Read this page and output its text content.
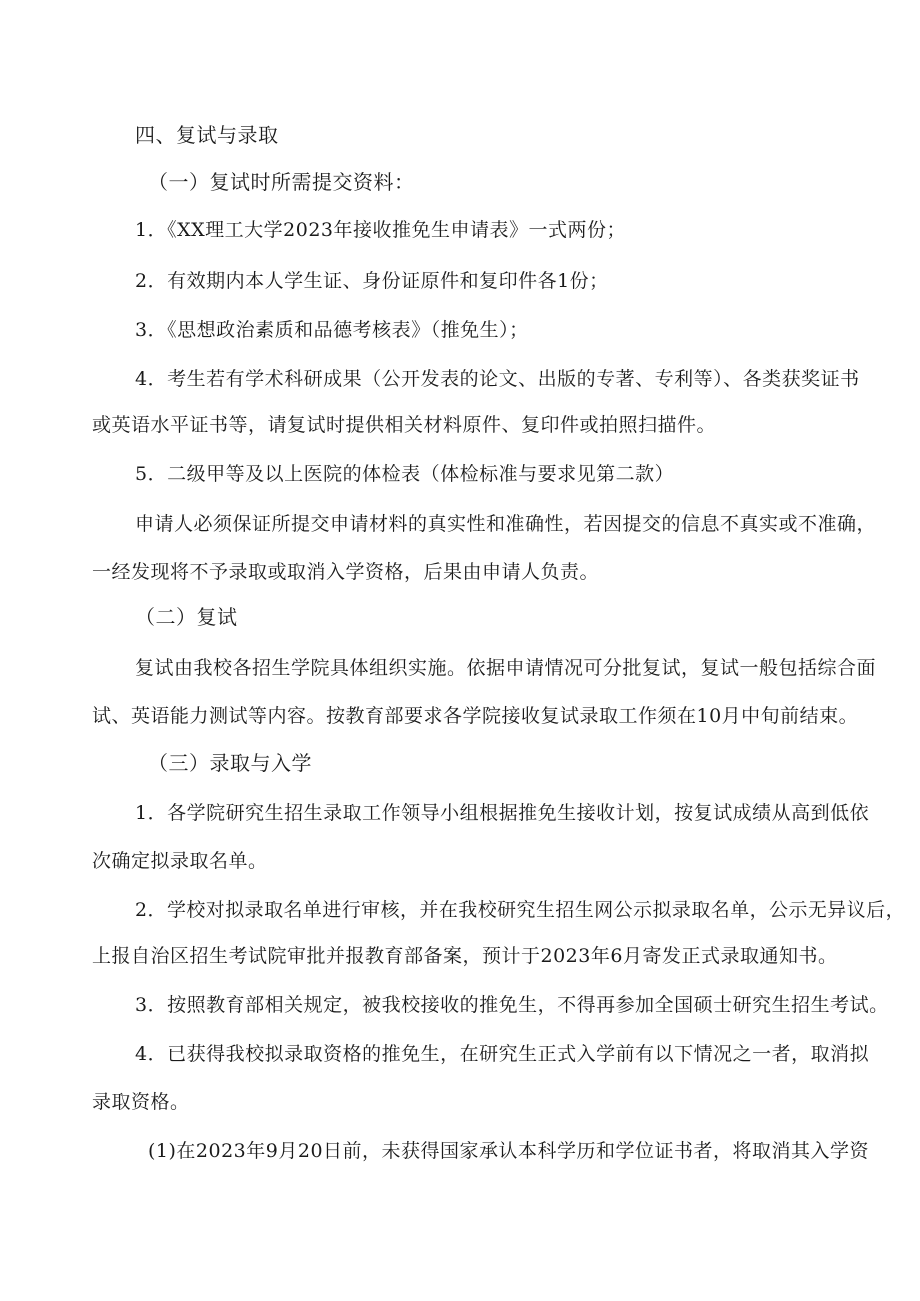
四、复试与录取
（一）复试时所需提交资料：
1．《XX理工大学2023年接收推免生申请表》一式两份；
2．有效期内本人学生证、身份证原件和复印件各1份；
3．《思想政治素质和品德考核表》（推免生）；
4．考生若有学术科研成果（公开发表的论文、出版的专著、专利等）、各类获奖证书
或英语水平证书等，请复试时提供相关材料原件、复印件或拍照扫描件。
5．二级甲等及以上医院的体检表（体检标准与要求见第二款）
申请人必须保证所提交申请材料的真实性和准确性，若因提交的信息不真实或不准确，
一经发现将不予录取或取消入学资格，后果由申请人负责。
（二）复试
复试由我校各招生学院具体组织实施。依据申请情况可分批复试，复试一般包括综合面
试、英语能力测试等内容。按教育部要求各学院接收复试录取工作须在10月中旬前结束。
（三）录取与入学
1．各学院研究生招生录取工作领导小组根据推免生接收计划，按复试成绩从高到低依
次确定拟录取名单。
2．学校对拟录取名单进行审核，并在我校研究生招生网公示拟录取名单，公示无异议后，
上报自治区招生考试院审批并报教育部备案，预计于2023年6月寄发正式录取通知书。
3．按照教育部相关规定，被我校接收的推免生，不得再参加全国硕士研究生招生考试。
4．已获得我校拟录取资格的推免生，在研究生正式入学前有以下情况之一者，取消拟
录取资格。
(1)在2023年9月20日前，未获得国家承认本科学历和学位证书者，将取消其入学资
